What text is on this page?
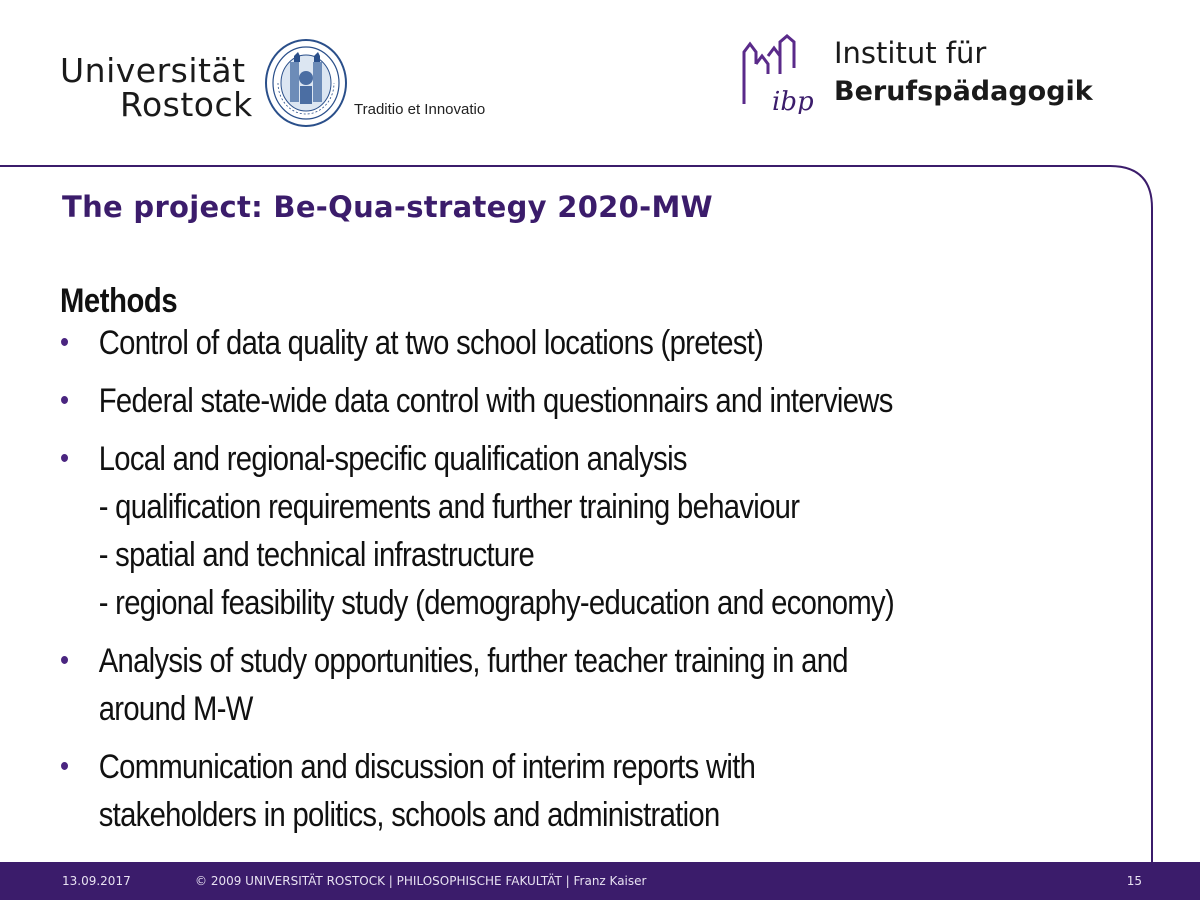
Universität
Rostock	Traditio et Innovatio	ibp
Institut für
Berufspädagogik
The project: Be-Qua-strategy 2020-MW
Methods
• Control of data quality at two school locations (pretest)
• Federal state-wide data control with questionnairs and interviews
• Local and regional-specific qualification analysis
- qualification requirements and further training behaviour
- spatial and technical infrastructure
- regional feasibility study (demography-education and economy)
• Analysis of study opportunities, further teacher training in and
around M-W
• Communication and discussion of interim reports with
stakeholders in politics, schools and administration
13.09.2017	© 2009 UNIVERSITÄT ROSTOCK | PHILOSOPHISCHE FAKULTÄT | Franz Kaiser	15
